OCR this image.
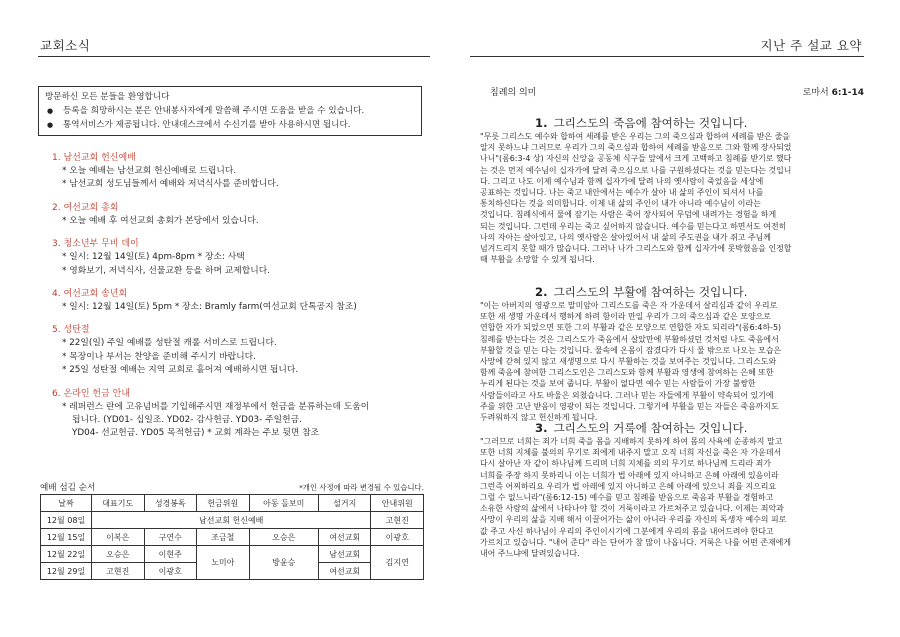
교회소식
방문하신 모든 분들을 환영합니다
● 등록을 희망하시는 분은 안내봉사자에게 말씀해 주시면 도움을 받을 수 있습니다.
● 통역서비스가 제공됩니다. 안내데스크에서 수신기를 받아 사용하시면 됩니다.
1. 남선교회 헌신예배
* 오늘 예배는 남선교회 헌신예배로 드립니다.
* 남선교회 성도님들께서 예배와 저녁식사를 준비합니다.
2. 여선교회 총회
* 오늘 예배 후 여선교회 총회가 본당에서 있습니다.
3. 청소년부 무비 데이
* 일시: 12월 14일(토) 4pm-8pm * 장소: 사택
* 영화보기, 저녁식사, 선물교환 등을 하며 교제합니다.
4. 여선교회 송년회
* 일시: 12월 14일(토) 5pm * 장소: Bramly farm(여선교회 단톡공지 참조)
5. 성탄절
* 22일(일) 주일 예배를 성탄절 캐롤 서비스로 드립니다.
* 목장이나 부서는 찬양을 준비해 주시기 바랍니다.
* 25일 성탄절 예배는 지역 교회로 흩어져 예배하시면 됩니다.
6. 온라인 헌금 안내
* 레퍼런스 란에 고유넘버를 기입해주시면 재정부에서 헌금을 분류하는데 도움이
됩니다. (YD01- 십일조. YD02- 감사헌금. YD03- 주일헌금.
YD04- 선교헌금. YD05 목적헌금) * 교회 계좌는 주보 뒷면 참조
예배 섬김 순서	*개인 사정에 따라 변경될 수 있습니다.
날짜	대표기도	성경봉독	헌금위원	아동 돌보미	설거지	안내위원
12월 08일	남선교회 헌신예배					고현진
12월 15일	이복은	구연수	조금철	오승은	여선교회	이광호
12월 22일	오승은	이현주	노미아	방윤승	남선교회	김지연
12월 29일	고현진	이광호			여선교회	
지난 주 설교 요약
침례의 의미	로마서 6:1-14
1. 그리스도의 죽음에 참여하는 것입니다.
"무릇 그리스도 예수와 합하여 세례를 받은 우리는 그의 죽으심과 합하여 세례를 받은 줄을
알지 못하느냐 그러므로 우리가 그의 죽으심과 합하여 세례를 받음으로 그와 함께 장사되었
나니"(롬6:3-4 상) 자신의 신앙을 공동체 식구들 앞에서 크게 고백하고 침례를 받기로 했다
는 것은 먼저 예수님이 십자가에 달려 죽으심으로 나를 구원하셨다는 것을 믿는다는 것입니
다. 그리고 나도 이제 예수님과 함께 십자가에 달려 나의 옛사람이 죽었음을 세상에
공표하는 것입니다. 나는 죽고 내안에서는 예수가 살아 내 삶의 주인이 되셔서 나를
통치하신다는 것을 의미합니다. 이제 내 삶의 주인이 내가 아니라 예수님이 이라는
것입니다. 침례식에서 물에 잠기는 사람은 죽어 장사되어 무덤에 내려가는 경험을 하게
되는 것입니다. 그런데 우리는 죽고 싶어하지 않습니다. 예수를 믿는다고 하면서도 여전히
나의 자아는 살아있고, 나의 옛사람은 살아있어서 내 삶의 주도권을 내가 쥐고 주님께
넘겨드리지 못할 때가 많습니다. 그러나 나가 그리스도와 함께 십자가에 못박혔음을 인정할
때 부활을 소망할 수 있게 됩니다.
2. 그리스도의 부활에 참여하는 것입니다.
"이는 아버지의 영광으로 말미암아 그리스도를 죽은 자 가운데서 살리심과 같이 우리로
또한 새 생명 가운데서 행하게 하려 함이라 만일 우리가 그의 죽으심과 같은 모양으로
연합한 자가 되었으면 또한 그의 부활과 같은 모양으로 연합한 자도 되리라"(롬6:4하-5)
침례를 받는다는 것은 그리스도가 죽음에서 살았만에 부활하셨던 것처럼 나도 죽음에서
부활할 것을 믿는 다는 것입니다. 물속에 온몸이 잠겼다가 다시 물 밖으로 나오는 모습은
사망에 갇혀 있지 않고 새생명으로 다시 부활하는 것을 보여주는 것입니다. 그리스도와
함께 죽음에 참여한 그리스도인은 그리스도와 함께 부활과 영생에 참여하는 은혜 또한
누리게 된다는 것을 보여 줍니다. 부활이 없다면 예수 믿는 사람들이 가장 불쌍한
사람들이라고 사도 바울은 외쳤습니다. 그러나 믿는 자들에게 부활이 약속되어 있기에
주를 위한 고난 받음이 영광이 되는 것입니다. 그렇기에 부활을 믿는 자들은 죽음까지도
두려워하지 않고 헌신하게 됩니다.
3. 그리스도의 거룩에 참여하는 것입니다.
"그러므로 너희는 죄가 너희 죽을 몸을 지배하지 못하게 하여 몸의 사욕에 순종하지 말고
또한 너희 지체를 불의의 무기로 죄에게 내주지 말고 오직 너희 자신을 죽은 자 가운데서
다시 살아난 자 같이 하나님께 드리며 너희 지체를 의의 무기로 하나님께 드리라 죄가
너희를 주장 하지 못하리니 이는 너희가 법 아래에 있지 아니하고 은혜 아래에 있음이라
그런즉 어찌하리요 우리가 법 아래에 있지 아니하고 은혜 아래에 있으니 죄를 지으리요
그럴 수 없느니라"(롬6:12-15) 예수를 믿고 침례를 받음으로 죽음과 부활을 경험하고
소유한 사람의 삶에서 나타나야 할 것이 거룩이라고 가르쳐주고 있습니다. 이제는 죄악과
사망이 우리의 삶을 지배 해서 이끌어가는 삶이 아니라 우리를 자신의 독생자 예수의 피로
값 주고 사신 하나님이 우리의 주인이시기에 그분에게 우리의 몸을 내어드려야 한다고
가르치고 있습니다. "내어 준다" 라는 단어가 참 많이 나옵니다. 거룩은 나를 어떤 존재에게
내어 주느냐에 달려있습니다.
